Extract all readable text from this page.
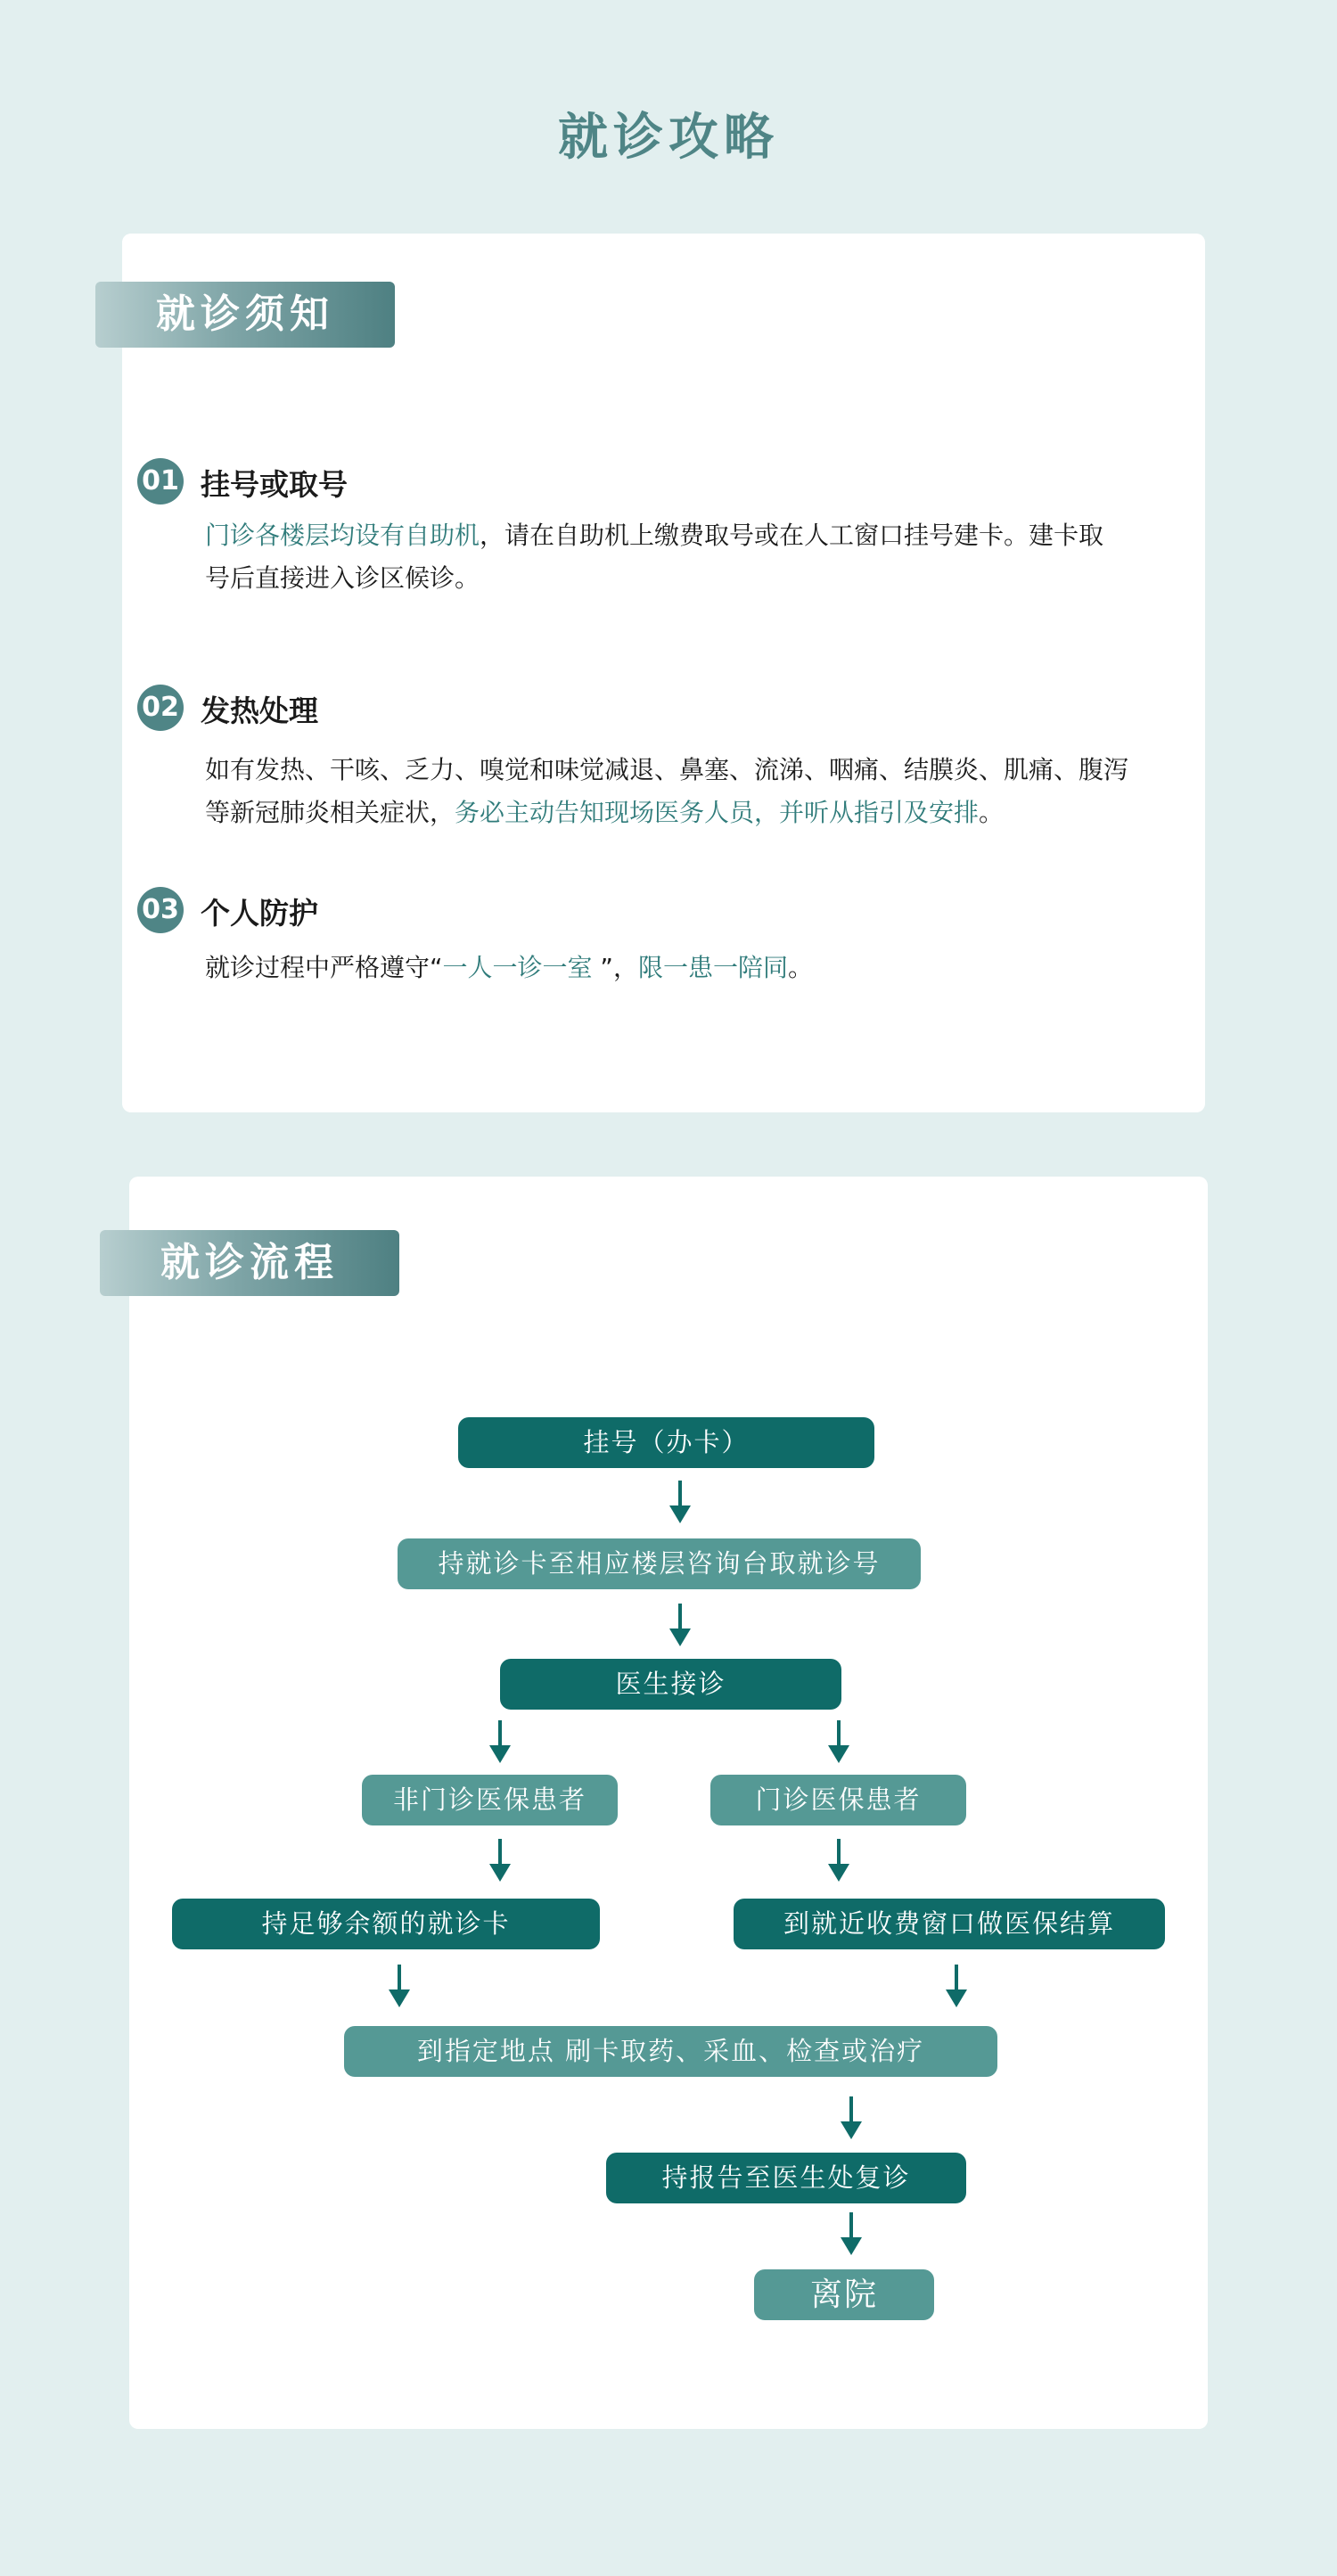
就诊攻略
就诊须知
01 挂号或取号
门诊各楼层均设有自助机，请在自助机上缴费取号或在人工窗口挂号建卡。建卡取
号后直接进入诊区候诊。
02 发热处理
如有发热、干咳、乏力、嗅觉和味觉减退、鼻塞、流涕、咽痛、结膜炎、肌痛、腹泻
等新冠肺炎相关症状，务必主动告知现场医务人员，并听从指引及安排。
03 个人防护
就诊过程中严格遵守“一人一诊一室 ”，限一患一陪同。
就诊流程
挂号（办卡）
持就诊卡至相应楼层咨询台取就诊号
医生接诊
非门诊医保患者	门诊医保患者
持足够余额的就诊卡	到就近收费窗口做医保结算
到指定地点 刷卡取药、采血、检查或治疗
持报告至医生处复诊
离院
